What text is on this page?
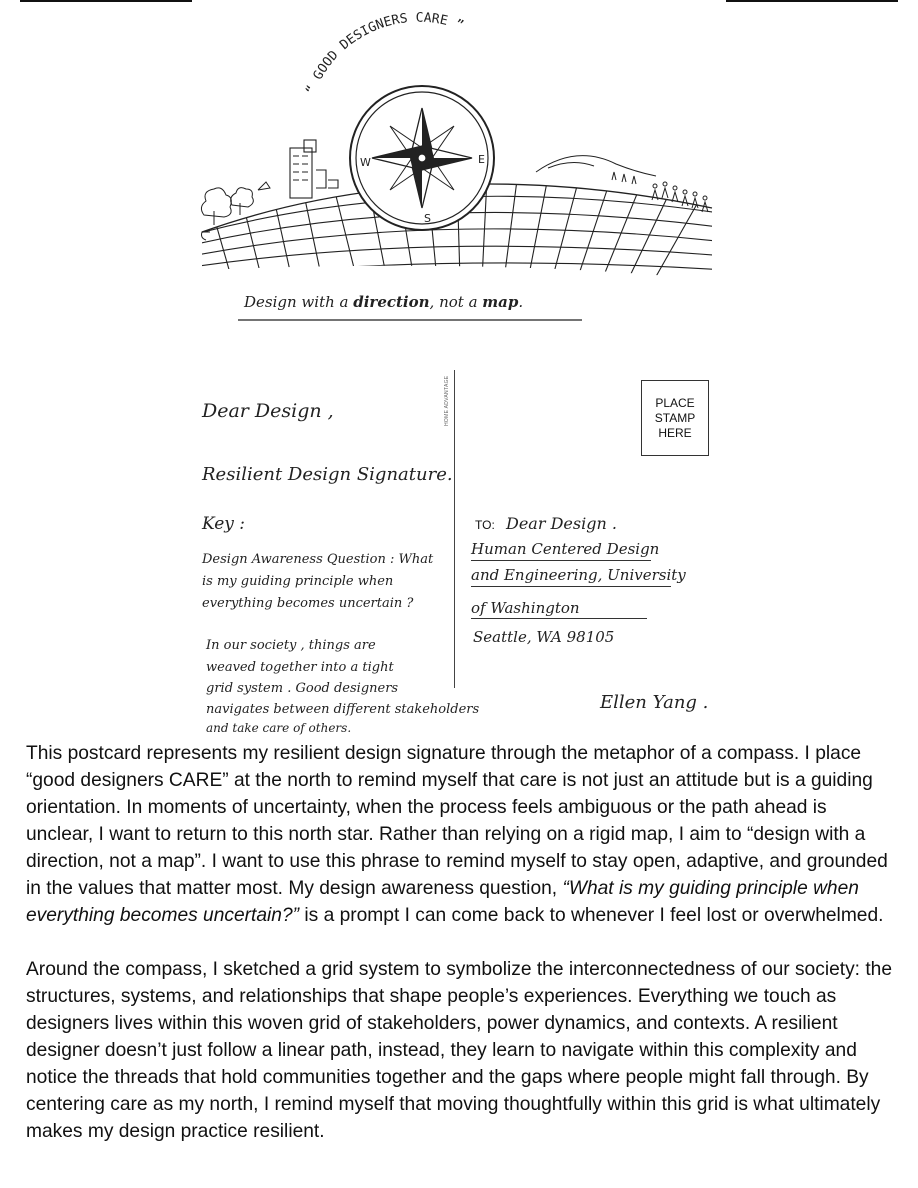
“ GOOD DESIGNERS CARE ”
W	E
S
Design with a direction, not a map.
Dear Design ,
Resilient Design Signature.
Key :
Design Awareness Question : What
is my guiding principle when
everything becomes uncertain ?
In our society , things are
weaved together into a tight
grid system . Good designers
navigates between different stakeholders
and take care of others.
HOME ADVANTAGE	PLACE
STAMP
HERE
TO: Dear Design .
Human Centered Design
and Engineering, University
of Washington
Seattle, WA 98105
Ellen Yang .

This postcard represents my resilient design signature through the metaphor of a compass. I place “good designers CARE” at the north to remind myself that care is not just an attitude but is a guiding orientation. In moments of uncertainty, when the process feels ambiguous or the path ahead is unclear, I want to return to this north star. Rather than relying on a rigid map, I aim to “design with a direction, not a map”. I want to use this phrase to remind myself to stay open, adaptive, and grounded in the values that matter most. My design awareness question, “What is my guiding principle when everything becomes uncertain?” is a prompt I can come back to whenever I feel lost or overwhelmed.

Around the compass, I sketched a grid system to symbolize the interconnectedness of our society: the structures, systems, and relationships that shape people’s experiences. Everything we touch as designers lives within this woven grid of stakeholders, power dynamics, and contexts. A resilient designer doesn’t just follow a linear path, instead, they learn to navigate within this complexity and notice the threads that hold communities together and the gaps where people might fall through. By centering care as my north, I remind myself that moving thoughtfully within this grid is what ultimately makes my design practice resilient.
